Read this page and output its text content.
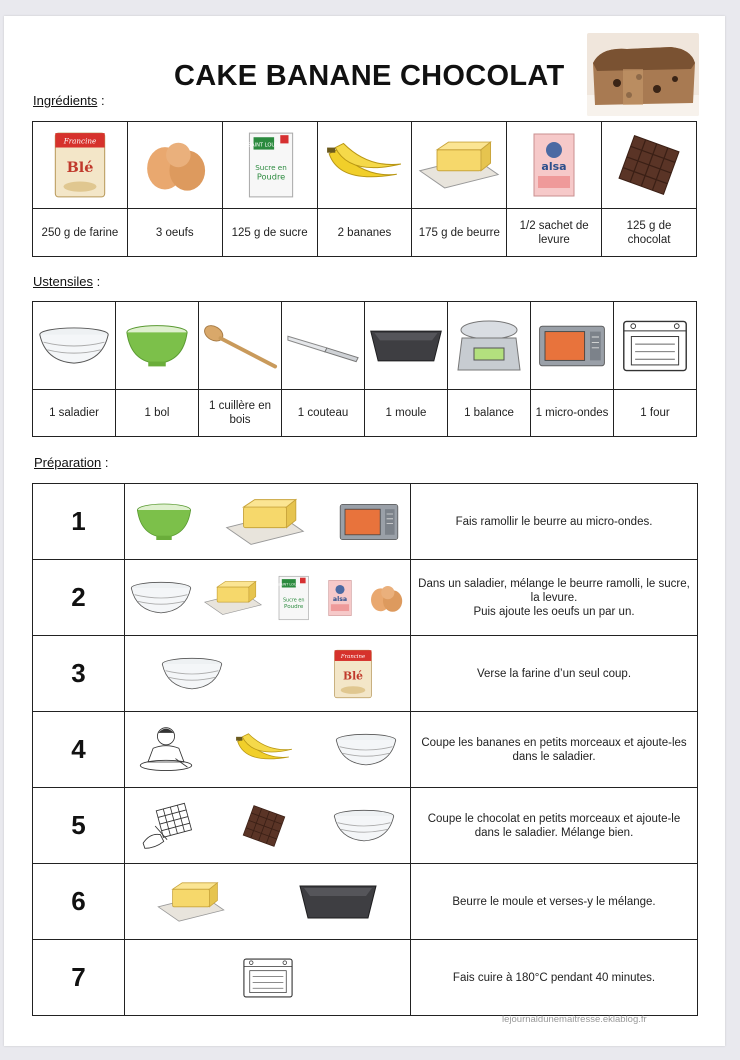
CAKE BANANE CHOCOLAT
Ingrédients :

250 g de farine	3 oeufs	125 g de sucre	2 bananes	175 g de beurre	1/2 sachet de levure	125 g de chocolat
Ustensiles :

1 saladier	1 bol	1 cuillère en bois	1 couteau	1 moule	1 balance	1 micro-ondes	1 four
Préparation :
1		Fais ramollir le beurre au micro-ondes.

2		Dans un saladier, mélange le beurre ramolli, le sucre, la levure.
Puis ajoute les oeufs un par un.

3		Verse la farine d’un seul coup.

4		Coupe les bananes en petits morceaux et ajoute-les dans le saladier.

5		Coupe le chocolat en petits morceaux et ajoute-le dans le saladier. Mélange bien.

6		Beurre le moule et verses-y le mélange.

7		Fais cuire à 180°C pendant 40 minutes.
lejournaldunemaitresse.eklablog.fr
